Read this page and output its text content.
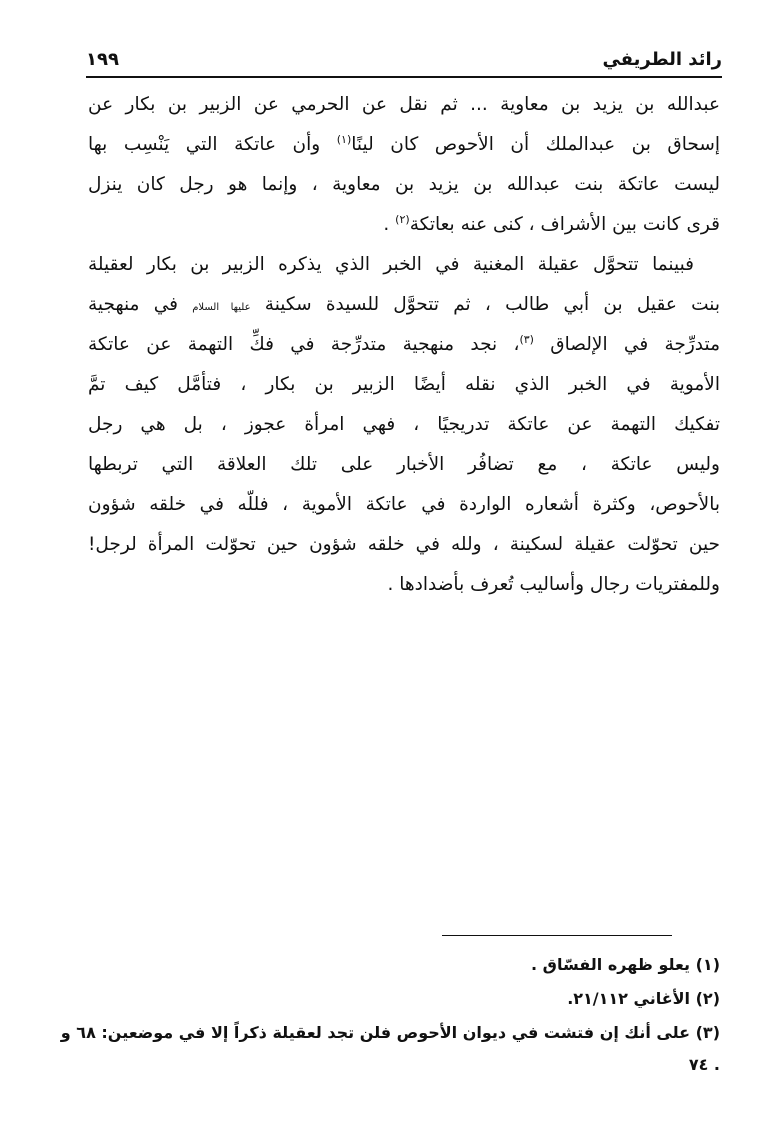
رائد الطريفي
١٩٩
عبدالله بن يزيد بن معاوية ... ثم نقل عن الحرمي عن الزبير بن بكار عن
إسحاق بن عبدالملك أن الأحوص كان لينًا$^{(١)}$ وأن عاتكة التي يَنْسِب بها
ليست عاتكة بنت عبدالله بن يزيد بن معاوية ، وإنما هو رجل كان ينزل
قرى كانت بين الأشراف ، كنى عنه بعاتكة$^{(٢)}$ .
فبينما تتحوَّل عقيلة المغنية في الخبر الذي يذكره الزبير بن بكار لعقيلة
بنت عقيل بن أبي طالب ، ثم تتحوَّل للسيدة سكينة عليها السلام في منهجية
متدرِّجة في الإلصاق $^{(٣)}$، نجد منهجية متدرِّجة في فكِّ التهمة عن عاتكة
الأموية في الخبر الذي نقله أيضًا الزبير بن بكار ، فتأمَّل كيف تمَّ
تفكيك التهمة عن عاتكة تدريجيًا ، فهي امرأة عجوز ، بل هي رجل
وليس عاتكة ، مع تضافُر الأخبار على تلك العلاقة التي تربطها
بالأحوص، وكثرة أشعاره الواردة في عاتكة الأموية ، فللّه في خلقه شؤون
حين تحوّلت عقيلة لسكينة ، ولله في خلقه شؤون حين تحوّلت المرأة لرجل!
وللمفتريات رجال وأساليب تُعرف بأضدادها .
(١) يعلو ظهره الفسّاق .
(٢) الأغاني ٢١/١١٢.
(٣) على أنك إن فتشت في ديوان الأحوص فلن تجد لعقيلة ذكراً إلا في موضعين: ٦٨ و
. ٧٤
